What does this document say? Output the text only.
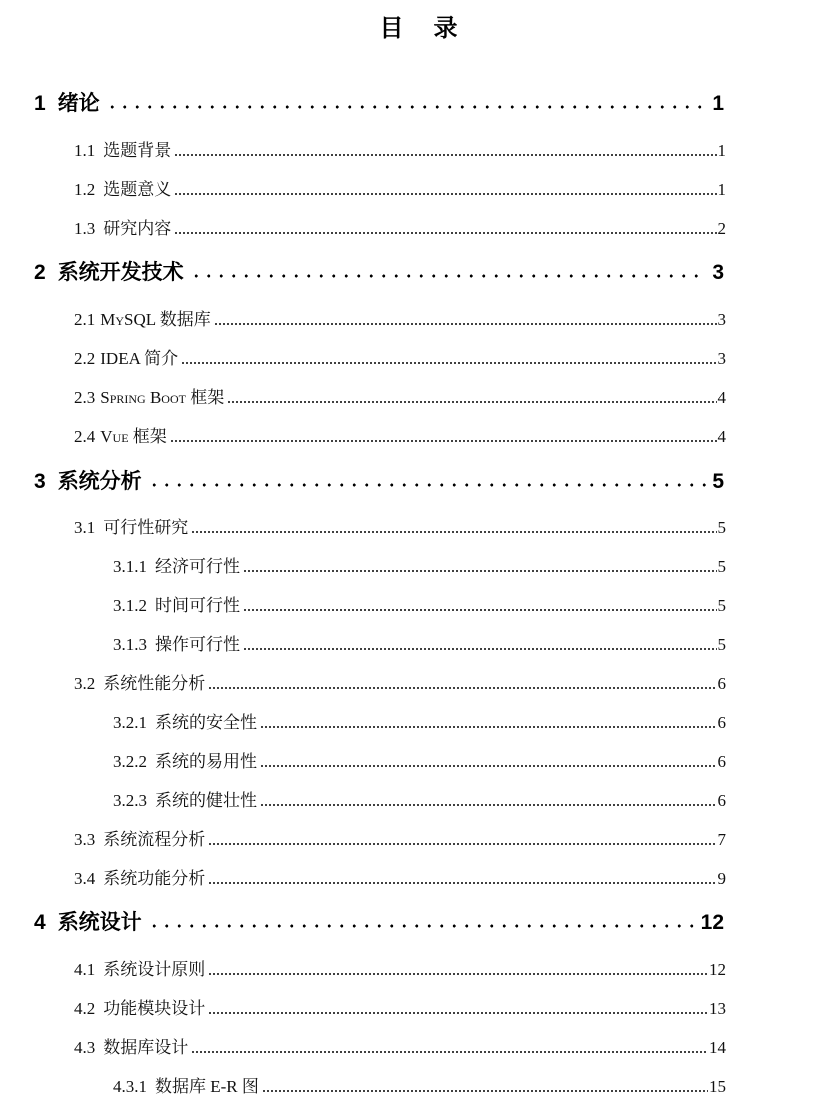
目 录
1 绪论	1
1.1 选题背景	1
1.2 选题意义	1
1.3 研究内容	2
2 系统开发技术	3
2.1 MySQL 数据库	3
2.2 IDEA 简介	3
2.3 Spring Boot 框架	4
2.4 Vue 框架	4
3 系统分析	5
3.1 可行性研究	5
3.1.1 经济可行性	5
3.1.2 时间可行性	5
3.1.3 操作可行性	5
3.2 系统性能分析	6
3.2.1 系统的安全性	6
3.2.2 系统的易用性	6
3.2.3 系统的健壮性	6
3.3 系统流程分析	7
3.4 系统功能分析	9
4 系统设计	12
4.1 系统设计原则	12
4.2 功能模块设计	13
4.3 数据库设计	14
4.3.1 数据库 E-R 图	15
